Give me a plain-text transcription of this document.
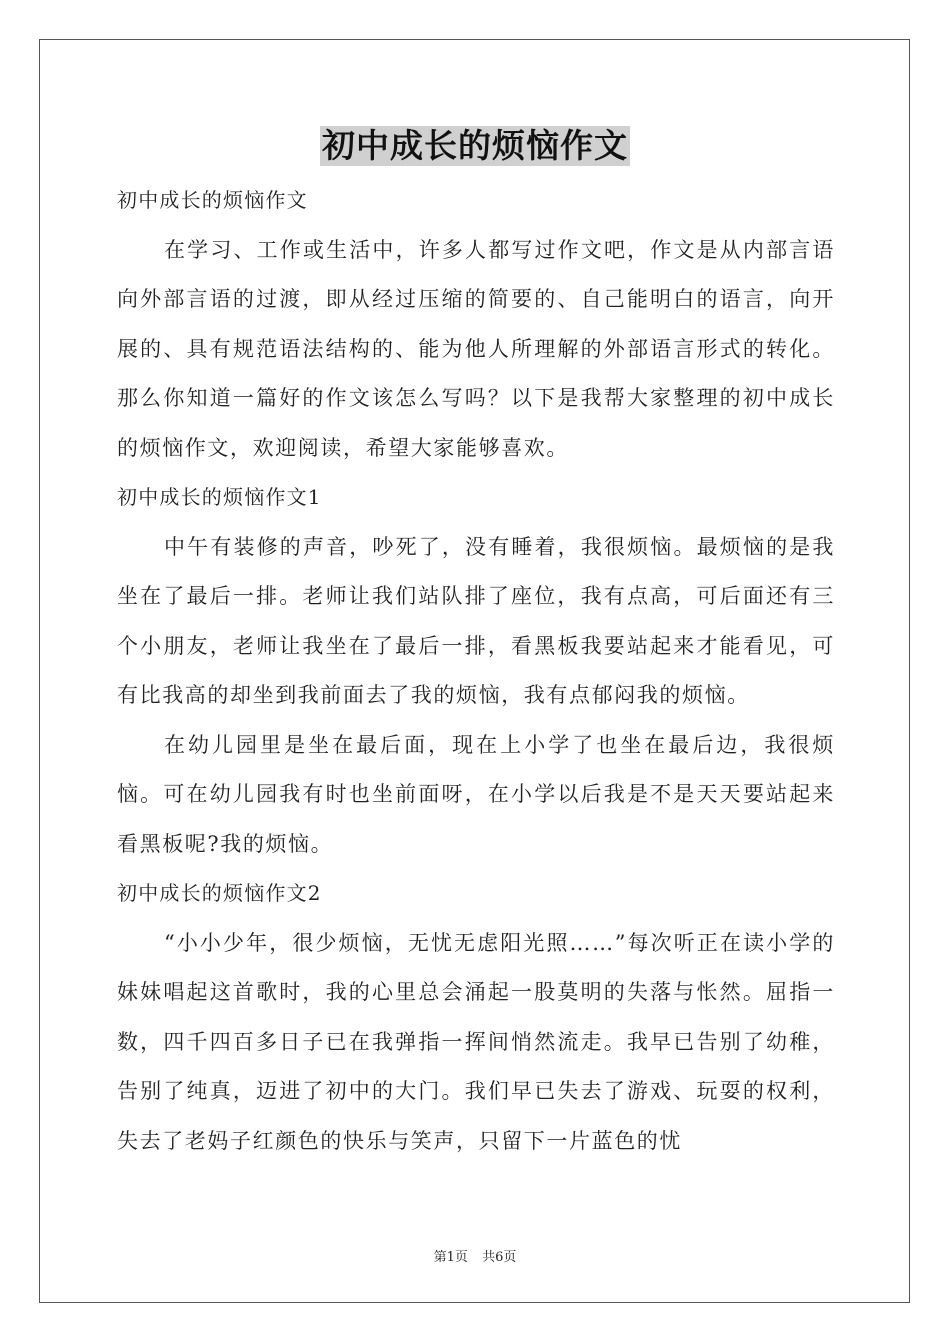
初中成长的烦恼作文

初中成长的烦恼作文

在学习、工作或生活中，许多人都写过作文吧，作文是从内部言语向外部言语的过渡，即从经过压缩的简要的、自己能明白的语言，向开展的、具有规范语法结构的、能为他人所理解的外部语言形式的转化。那么你知道一篇好的作文该怎么写吗？以下是我帮大家整理的初中成长的烦恼作文，欢迎阅读，希望大家能够喜欢。

初中成长的烦恼作文1

中午有装修的声音，吵死了，没有睡着，我很烦恼。最烦恼的是我坐在了最后一排。老师让我们站队排了座位，我有点高，可后面还有三个小朋友，老师让我坐在了最后一排，看黑板我要站起来才能看见，可有比我高的却坐到我前面去了我的烦恼，我有点郁闷我的烦恼。

在幼儿园里是坐在最后面，现在上小学了也坐在最后边，我很烦恼。可在幼儿园我有时也坐前面呀，在小学以后我是不是天天要站起来看黑板呢?我的烦恼。

初中成长的烦恼作文2

“小小少年，很少烦恼，无忧无虑阳光照……”每次听正在读小学的妹妹唱起这首歌时，我的心里总会涌起一股莫明的失落与怅然。屈指一数，四千四百多日子已在我弹指一挥间悄然流走。我早已告别了幼稚，告别了纯真，迈进了初中的大门。我们早已失去了游戏、玩耍的权利，失去了老妈子红颜色的快乐与笑声，只留下一片蓝色的忧

第1页 共6页
